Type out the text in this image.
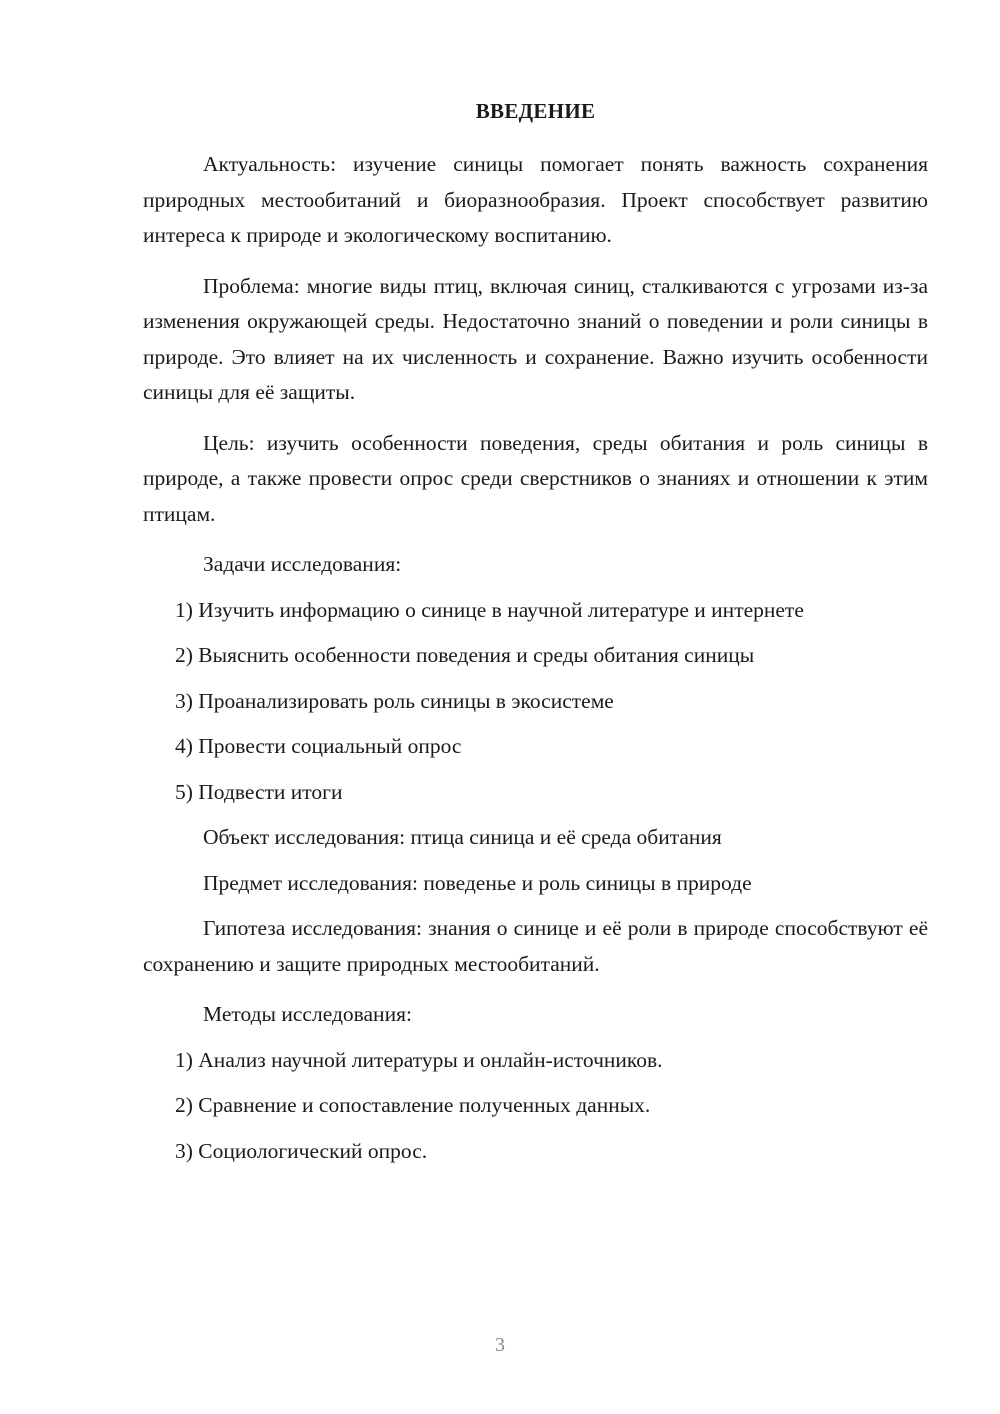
ВВЕДЕНИЕ

Актуальность: изучение синицы помогает понять важность сохранения природных местообитаний и биоразнообразия. Проект способствует развитию интереса к природе и экологическому воспитанию.

Проблема: многие виды птиц, включая синиц, сталкиваются с угрозами из-за изменения окружающей среды. Недостаточно знаний о поведении и роли синицы в природе. Это влияет на их численность и сохранение. Важно изучить особенности синицы для её защиты.

Цель: изучить особенности поведения, среды обитания и роль синицы в природе, а также провести опрос среди сверстников о знаниях и отношении к этим птицам.

Задачи исследования:

1) Изучить информацию о синице в научной литературе и интернете
2) Выяснить особенности поведения и среды обитания синицы
3) Проанализировать роль синицы в экосистеме
4) Провести социальный опрос
5) Подвести итоги

Объект исследования: птица синица и её среда обитания

Предмет исследования: поведенье и роль синицы в природе

Гипотеза исследования: знания о синице и её роли в природе способствуют её сохранению и защите природных местообитаний.

Методы исследования:

1) Анализ научной литературы и онлайн-источников.
2) Сравнение и сопоставление полученных данных.
3) Социологический опрос.
3
